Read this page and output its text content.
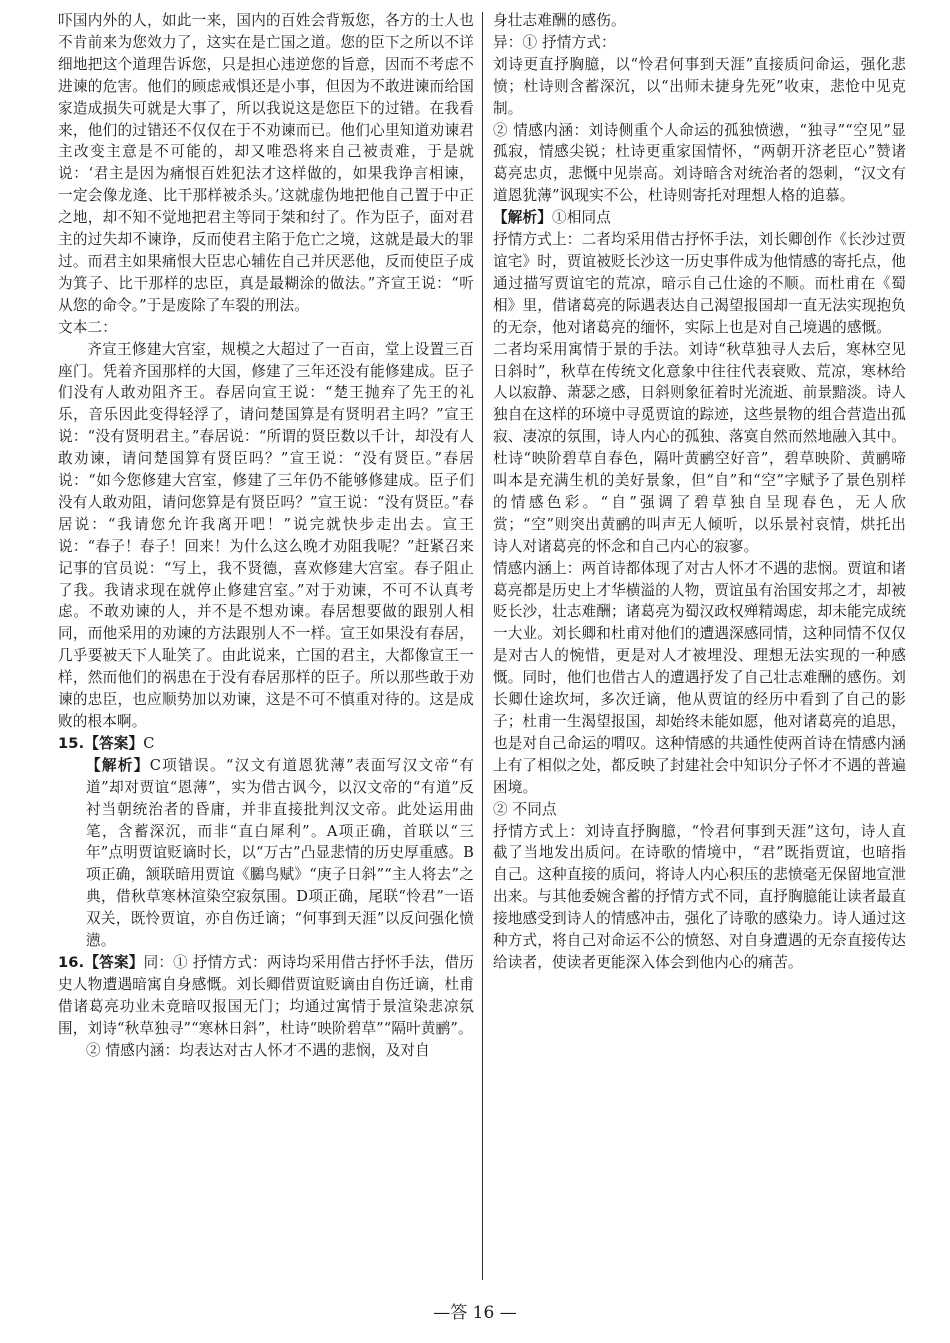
吓国内外的人，如此一来，国内的百姓会背叛您，各方的士人也不肯前来为您效力了，这实在是亡国之道。您的臣下之所以不详细地把这个道理告诉您，只是担心违逆您的旨意，因而不考虑不进谏的危害。他们的顾虑戒惧还是小事，但因为不敢进谏而给国家造成损失可就是大事了，所以我说这是您臣下的过错。在我看来，他们的过错还不仅仅在于不劝谏而已。他们心里知道劝谏君主改变主意是不可能的，却又唯恐将来自己被责难，于是就说：‘君主是因为痛恨百姓犯法才这样做的，如果我诤言相谏，一定会像龙逄、比干那样被杀头。’这就虚伪地把他自己置于中正之地，却不知不觉地把君主等同于桀和纣了。作为臣子，面对君主的过失却不谏诤，反而使君主陷于危亡之境，这就是最大的罪过。而君主如果痛恨大臣忠心辅佐自己并厌恶他，反而使臣子成为箕子、比干那样的忠臣，真是最糊涂的做法。”齐宣王说：“听从您的命令。”于是废除了车裂的刑法。

文本二：

齐宣王修建大宫室，规模之大超过了一百亩，堂上设置三百座门。凭着齐国那样的大国，修建了三年还没有能修建成。臣子们没有人敢劝阻齐王。春居向宣王说：“楚王抛弃了先王的礼乐，音乐因此变得轻浮了，请问楚国算是有贤明君主吗？”宣王说：“没有贤明君主。”春居说：“所谓的贤臣数以千计，却没有人敢劝谏，请问楚国算有贤臣吗？”宣王说：“没有贤臣。”春居说：“如今您修建大宫室，修建了三年仍不能够修建成。臣子们没有人敢劝阻，请问您算是有贤臣吗？”宣王说：“没有贤臣。”春居说：“我请您允许我离开吧！”说完就快步走出去。宣王说：“春子！春子！回来！为什么这么晚才劝阻我呢？”赶紧召来记事的官员说：“写上，我不贤德，喜欢修建大宫室。春子阻止了我。我请求现在就停止修建宫室。”对于劝谏，不可不认真考虑。不敢劝谏的人，并不是不想劝谏。春居想要做的跟别人相同，而他采用的劝谏的方法跟别人不一样。宣王如果没有春居，几乎要被天下人耻笑了。由此说来，亡国的君主，大都像宣王一样，然而他们的祸患在于没有春居那样的臣子。所以那些敢于劝谏的忠臣，也应顺势加以劝谏，这是不可不慎重对待的。这是成败的根本啊。

15.【答案】C

【解析】C项错误。“汉文有道恩犹薄”表面写汉文帝“有道”却对贾谊“恩薄”，实为借古讽今，以汉文帝的“有道”反衬当朝统治者的昏庸，并非直接批判汉文帝。此处运用曲笔，含蓄深沉，而非“直白犀利”。A项正确，首联以“三年”点明贾谊贬谪时长，以“万古”凸显悲情的历史厚重感。B项正确，颔联暗用贾谊《鵩鸟赋》“庚子日斜”“主人将去”之典，借秋草寒林渲染空寂氛围。D项正确，尾联“怜君”一语双关，既怜贾谊，亦自伤迁谪；“何事到天涯”以反问强化愤懑。

16.【答案】同：① 抒情方式：两诗均采用借古抒怀手法，借历史人物遭遇暗寓自身感慨。刘长卿借贾谊贬谪由自伤迁谪，杜甫借诸葛亮功业未竟暗叹报国无门；均通过寓情于景渲染悲凉氛围，刘诗“秋草独寻”“寒林日斜”，杜诗“映阶碧草”“隔叶黄鹂”。

② 情感内涵：均表达对古人怀才不遇的悲悯，及对自

身壮志难酬的感伤。

异：① 抒情方式：

刘诗更直抒胸臆，以“怜君何事到天涯”直接质问命运，强化悲愤；杜诗则含蓄深沉，以“出师未捷身先死”收束，悲怆中见克制。

② 情感内涵：刘诗侧重个人命运的孤独愤懑，“独寻”“空见”显孤寂，情感尖锐；杜诗更重家国情怀，“两朝开济老臣心”赞诸葛亮忠贞，悲慨中见崇高。刘诗暗含对统治者的怨刺，“汉文有道恩犹薄”讽现实不公，杜诗则寄托对理想人格的追慕。

【解析】①相同点

抒情方式上：二者均采用借古抒怀手法，刘长卿创作《长沙过贾谊宅》时，贾谊被贬长沙这一历史事件成为他情感的寄托点，他通过描写贾谊宅的荒凉，暗示自己仕途的不顺。而杜甫在《蜀相》里，借诸葛亮的际遇表达自己渴望报国却一直无法实现抱负的无奈，他对诸葛亮的缅怀，实际上也是对自己境遇的感慨。

二者均采用寓情于景的手法。刘诗“秋草独寻人去后，寒林空见日斜时”，秋草在传统文化意象中往往代表衰败、荒凉，寒林给人以寂静、萧瑟之感，日斜则象征着时光流逝、前景黯淡。诗人独自在这样的环境中寻觅贾谊的踪迹，这些景物的组合营造出孤寂、凄凉的氛围，诗人内心的孤独、落寞自然而然地融入其中。杜诗“映阶碧草自春色，隔叶黄鹂空好音”，碧草映阶、黄鹂啼叫本是充满生机的美好景象，但“自”和“空”字赋予了景色别样的情感色彩。“自”强调了碧草独自呈现春色，无人欣赏；“空”则突出黄鹂的叫声无人倾听，以乐景衬哀情，烘托出诗人对诸葛亮的怀念和自己内心的寂寥。

情感内涵上：两首诗都体现了对古人怀才不遇的悲悯。贾谊和诸葛亮都是历史上才华横溢的人物，贾谊虽有治国安邦之才，却被贬长沙，壮志难酬；诸葛亮为蜀汉政权殚精竭虑，却未能完成统一大业。刘长卿和杜甫对他们的遭遇深感同情，这种同情不仅仅是对古人的惋惜，更是对人才被埋没、理想无法实现的一种感慨。同时，他们也借古人的遭遇抒发了自己壮志难酬的感伤。刘长卿仕途坎坷，多次迁谪，他从贾谊的经历中看到了自己的影子；杜甫一生渴望报国，却始终未能如愿，他对诸葛亮的追思，也是对自己命运的喟叹。这种情感的共通性使两首诗在情感内涵上有了相似之处，都反映了封建社会中知识分子怀才不遇的普遍困境。

② 不同点

抒情方式上：刘诗直抒胸臆，“怜君何事到天涯”这句，诗人直截了当地发出质问。在诗歌的情境中，“君”既指贾谊，也暗指自己。这种直接的质问，将诗人内心积压的悲愤毫无保留地宣泄出来。与其他委婉含蓄的抒情方式不同，直抒胸臆能让读者最直接地感受到诗人的情感冲击，强化了诗歌的感染力。诗人通过这种方式，将自己对命运不公的愤怒、对自身遭遇的无奈直接传达给读者，使读者更能深入体会到他内心的痛苦。

—答 16 —
